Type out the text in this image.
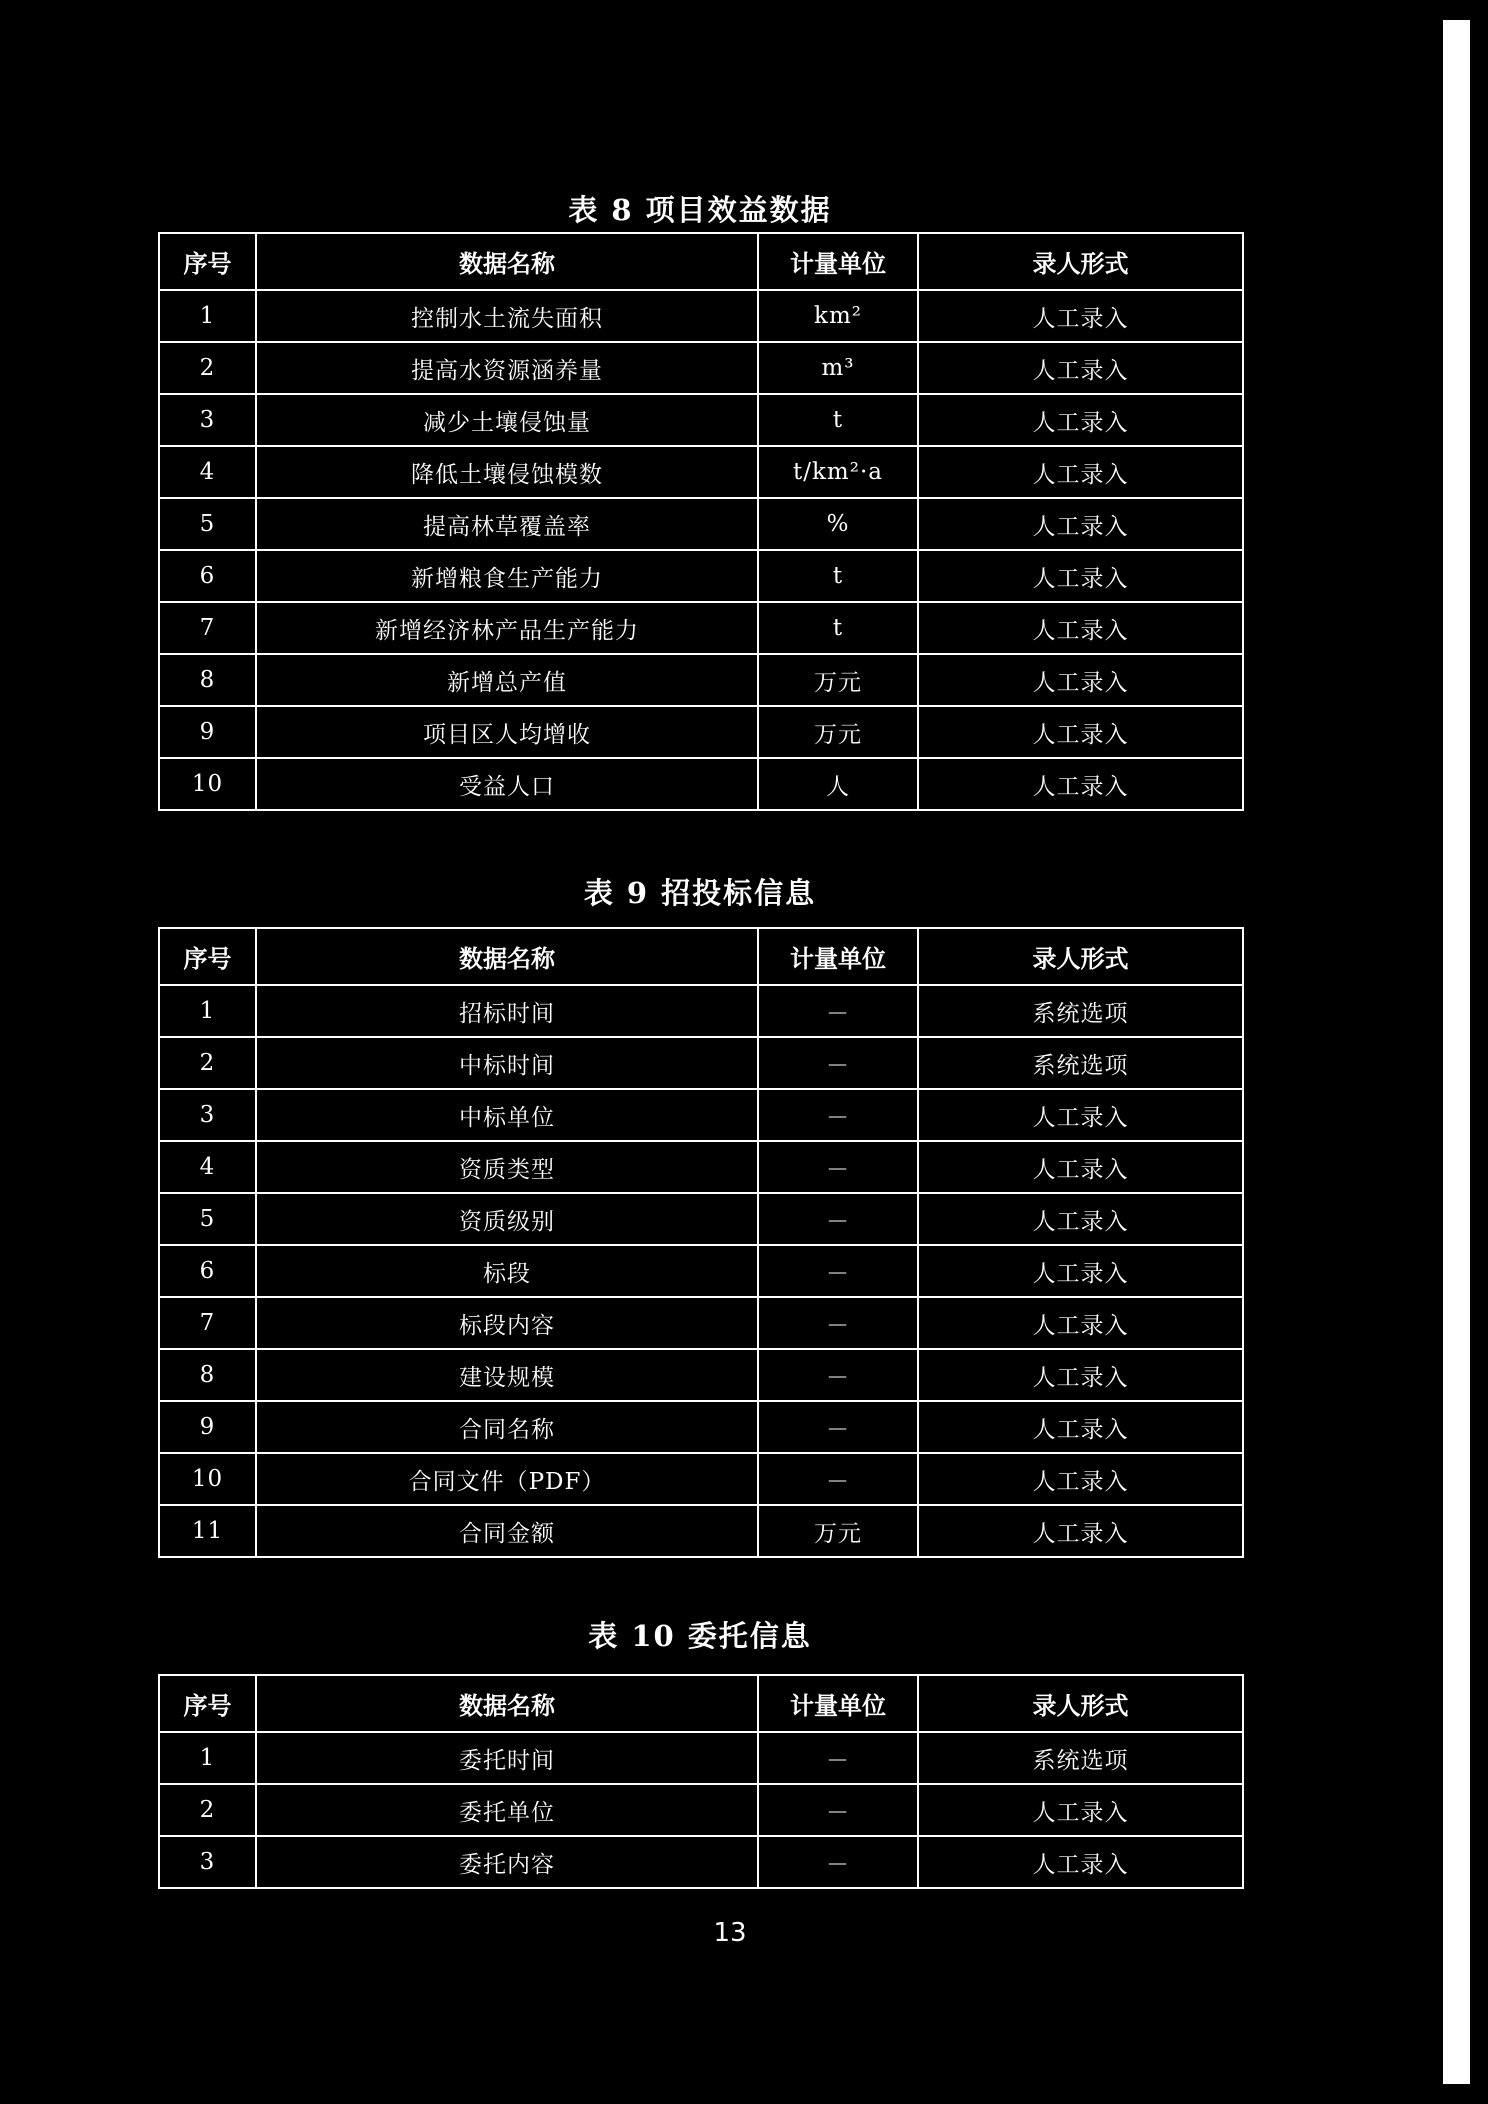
表 8 项目效益数据
序号	数据名称	计量单位	录人形式
1	控制水土流失面积	km²	人工录入
2	提高水资源涵养量	m³	人工录入
3	减少土壤侵蚀量	t	人工录入
4	降低土壤侵蚀模数	t/km²·a	人工录入
5	提高林草覆盖率	%	人工录入
6	新增粮食生产能力	t	人工录入
7	新增经济林产品生产能力	t	人工录入
8	新增总产值	万元	人工录入
9	项目区人均增收	万元	人工录入
10	受益人口	人	人工录入
表 9 招投标信息
序号	数据名称	计量单位	录人形式
1	招标时间	－	系统选项
2	中标时间	－	系统选项
3	中标单位	－	人工录入
4	资质类型	－	人工录入
5	资质级别	－	人工录入
6	标段	－	人工录入
7	标段内容	－	人工录入
8	建设规模	－	人工录入
9	合同名称	－	人工录入
10	合同文件（PDF）	－	人工录入
11	合同金额	万元	人工录入
表 10 委托信息
序号	数据名称	计量单位	录人形式
1	委托时间	－	系统选项
2	委托单位	－	人工录入
3	委托内容	－	人工录入
13
